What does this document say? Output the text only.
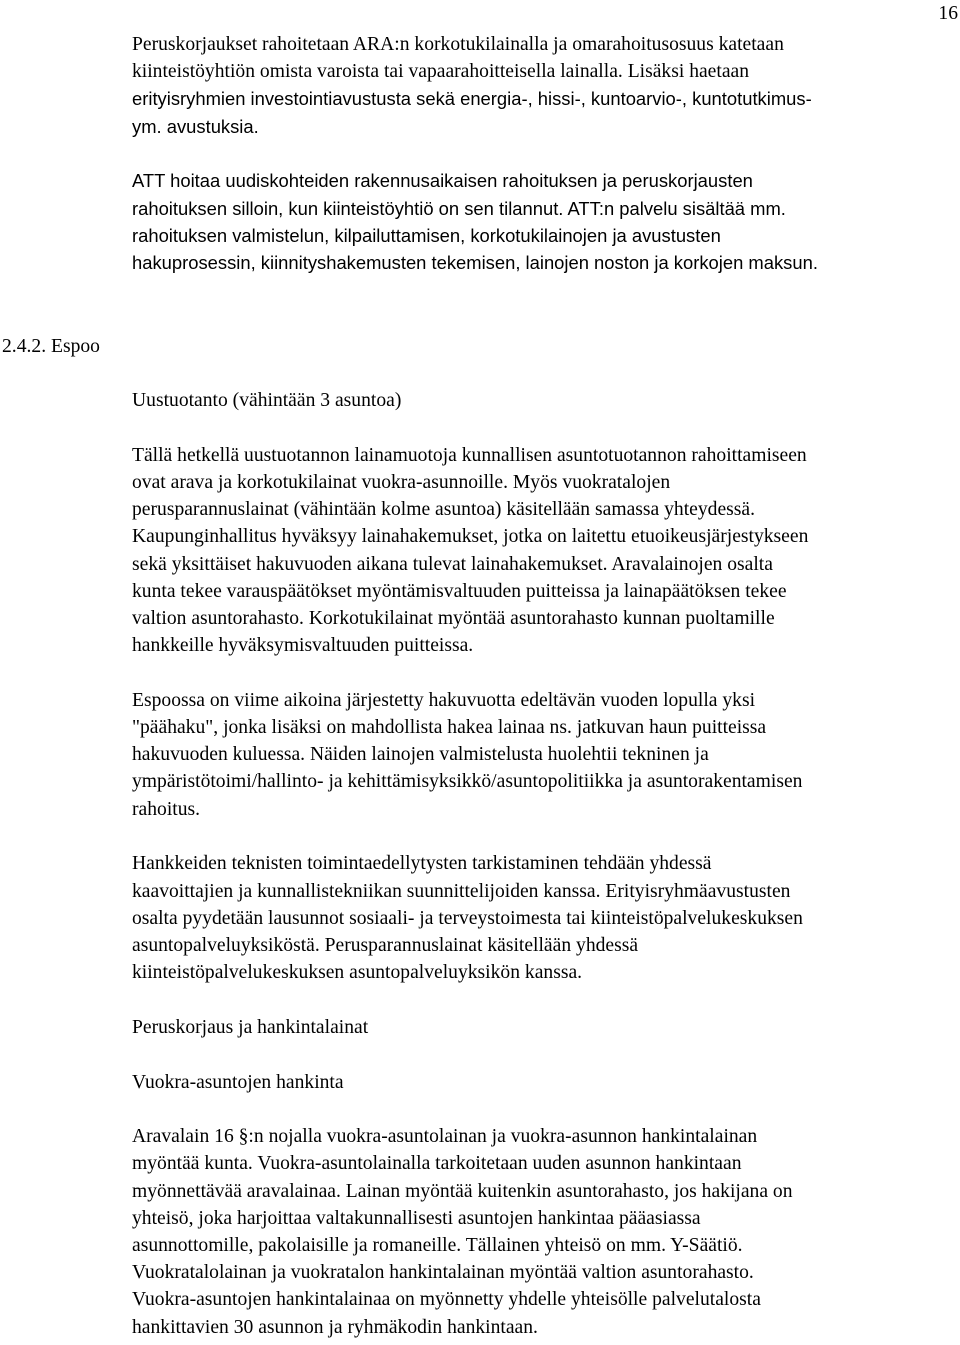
16
Peruskorjaukset rahoitetaan ARA:n korkotukilainalla ja omarahoitusosuus katetaan
kiinteistöyhtiön omista varoista tai vapaarahoitteisella lainalla. Lisäksi haetaan
erityisryhmien investointiavustusta sekä energia-, hissi-, kuntoarvio-, kuntotutkimus-
ym. avustuksia.
ATT hoitaa uudiskohteiden rakennusaikaisen rahoituksen ja peruskorjausten
rahoituksen silloin, kun kiinteistöyhtiö on sen tilannut. ATT:n palvelu sisältää mm.
rahoituksen valmistelun, kilpailuttamisen, korkotukilainojen ja avustusten
hakuprosessin, kiinnityshakemusten tekemisen, lainojen noston ja korkojen maksun.
2.4.2. Espoo
Uustuotanto (vähintään 3 asuntoa)
Tällä hetkellä uustuotannon lainamuotoja kunnallisen asuntotuotannon rahoittamiseen
ovat arava ja korkotukilainat vuokra-asunnoille. Myös vuokratalojen
perusparannuslainat (vähintään kolme asuntoa) käsitellään samassa yhteydessä.
Kaupunginhallitus hyväksyy lainahakemukset, jotka on laitettu etuoikeusjärjestykseen
sekä yksittäiset hakuvuoden aikana tulevat lainahakemukset. Aravalainojen osalta
kunta tekee varauspäätökset myöntämisvaltuuden puitteissa ja lainapäätöksen tekee
valtion asuntorahasto. Korkotukilainat myöntää asuntorahasto kunnan puoltamille
hankkeille hyväksymisvaltuuden puitteissa.
Espoossa on viime aikoina järjestetty hakuvuotta edeltävän vuoden lopulla yksi
"päähaku", jonka lisäksi on mahdollista hakea lainaa ns. jatkuvan haun puitteissa
hakuvuoden kuluessa. Näiden lainojen valmistelusta huolehtii tekninen ja
ympäristötoimi/hallinto- ja kehittämisyksikkö/asuntopolitiikka ja asuntorakentamisen
rahoitus.
Hankkeiden teknisten toimintaedellytysten tarkistaminen tehdään yhdessä
kaavoittajien ja kunnallistekniikan suunnittelijoiden kanssa. Erityisryhmäavustusten
osalta pyydetään lausunnot sosiaali- ja terveystoimesta tai kiinteistöpalvelukeskuksen
asuntopalveluyksiköstä. Perusparannuslainat käsitellään yhdessä
kiinteistöpalvelukeskuksen asuntopalveluyksikön kanssa.
Peruskorjaus ja hankintalainat
Vuokra-asuntojen hankinta
Aravalain 16 §:n nojalla vuokra-asuntolainan ja vuokra-asunnon hankintalainan
myöntää kunta. Vuokra-asuntolainalla tarkoitetaan uuden asunnon hankintaan
myönnettävää aravalainaa. Lainan myöntää kuitenkin asuntorahasto, jos hakijana on
yhteisö, joka harjoittaa valtakunnallisesti asuntojen hankintaa pääasiassa
asunnottomille, pakolaisille ja romaneille. Tällainen yhteisö on mm. Y-Säätiö.
Vuokratalolainan ja vuokratalon hankintalainan myöntää valtion asuntorahasto.
Vuokra-asuntojen hankintalainaa on myönnetty yhdelle yhteisölle palvelutalosta
hankittavien 30 asunnon ja ryhmäkodin hankintaan.
